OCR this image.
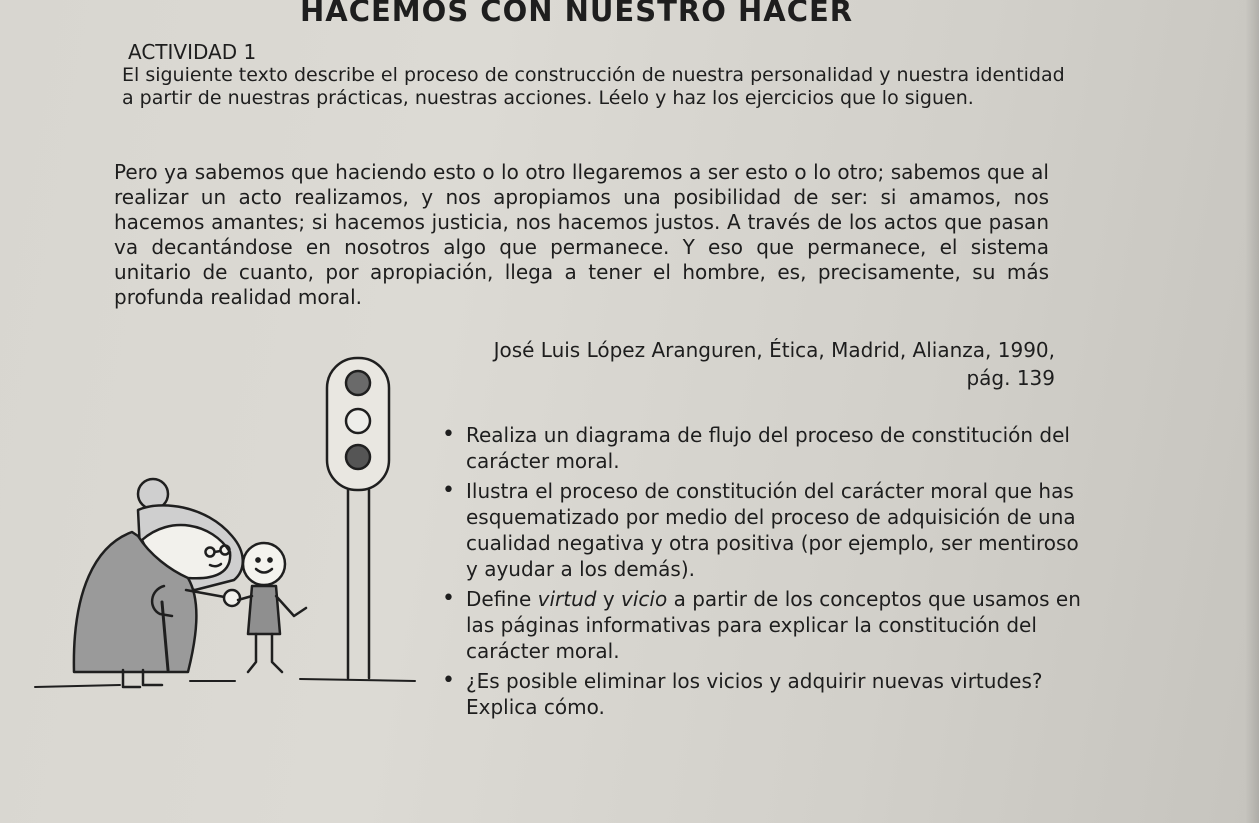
HACEMOS CON NUESTRO HACER
ACTIVIDAD 1

El siguiente texto describe el proceso de construcción de nuestra personalidad y nuestra identidad a partir de nuestras prácticas, nuestras acciones. Léelo y haz los ejercicios que lo siguen.

Pero ya sabemos que haciendo esto o lo otro llegaremos a ser esto o lo otro; sabemos que al realizar un acto realizamos, y nos apropiamos una posibilidad de ser: si amamos, nos hacemos amantes; si hacemos justicia, nos hacemos justos. A través de los actos que pasan va decantándose en nosotros algo que permanece. Y eso que permanece, el sistema unitario de cuanto, por apropiación, llega a tener el hombre, es, precisamente, su más profunda realidad moral.

José Luis López Aranguren, Ética, Madrid, Alianza, 1990,
pág. 139
• Realiza un diagrama de flujo del proceso de constitución del carácter moral.
• Ilustra el proceso de constitución del carácter moral que has esquematizado por medio del proceso de adquisición de una cualidad negativa y otra positiva (por ejemplo, ser mentiroso y ayudar a los demás).
• Define virtud y vicio a partir de los conceptos que usamos en las páginas informativas para explicar la constitución del carácter moral.
• ¿Es posible eliminar los vicios y adquirir nuevas virtudes? Explica cómo.
